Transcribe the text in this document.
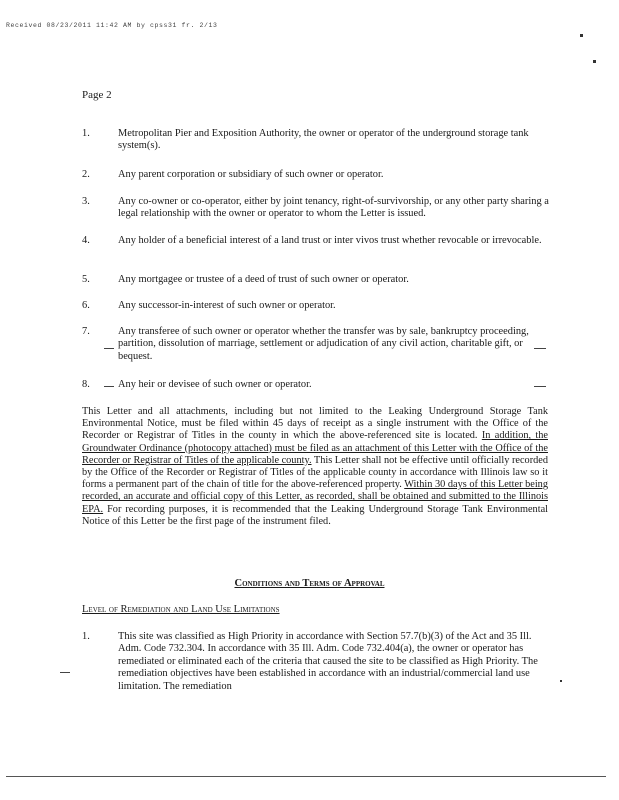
Received 08/23/2011 11:42 AM by cpss31 fr. 2/13
Page 2
1.	Metropolitan Pier and Exposition Authority, the owner or operator of the underground storage tank system(s).
2.	Any parent corporation or subsidiary of such owner or operator.
3.	Any co-owner or co-operator, either by joint tenancy, right-of-survivorship, or any other party sharing a legal relationship with the owner or operator to whom the Letter is issued.
4.	Any holder of a beneficial interest of a land trust or inter vivos trust whether revocable or irrevocable.
5.	Any mortgagee or trustee of a deed of trust of such owner or operator.
6.	Any successor-in-interest of such owner or operator.
7.	Any transferee of such owner or operator whether the transfer was by sale, bankruptcy proceeding, partition, dissolution of marriage, settlement or adjudication of any civil action, charitable gift, or bequest.
8.	Any heir or devisee of such owner or operator.
This Letter and all attachments, including but not limited to the Leaking Underground Storage Tank Environmental Notice, must be filed within 45 days of receipt as a single instrument with the Office of the Recorder or Registrar of Titles in the county in which the above-referenced site is located. In addition, the Groundwater Ordinance (photocopy attached) must be filed as an attachment of this Letter with the Office of the Recorder or Registrar of Titles of the applicable county. This Letter shall not be effective until officially recorded by the Office of the Recorder or Registrar of Titles of the applicable county in accordance with Illinois law so it forms a permanent part of the chain of title for the above-referenced property. Within 30 days of this Letter being recorded, an accurate and official copy of this Letter, as recorded, shall be obtained and submitted to the Illinois EPA. For recording purposes, it is recommended that the Leaking Underground Storage Tank Environmental Notice of this Letter be the first page of the instrument filed.
Conditions and Terms of Approval
Level of Remediation and Land Use Limitations
1.	This site was classified as High Priority in accordance with Section 57.7(b)(3) of the Act and 35 Ill. Adm. Code 732.304. In accordance with 35 Ill. Adm. Code 732.404(a), the owner or operator has remediated or eliminated each of the criteria that caused the site to be classified as High Priority. The remediation objectives have been established in accordance with an industrial/commercial land use limitation. The remediation
